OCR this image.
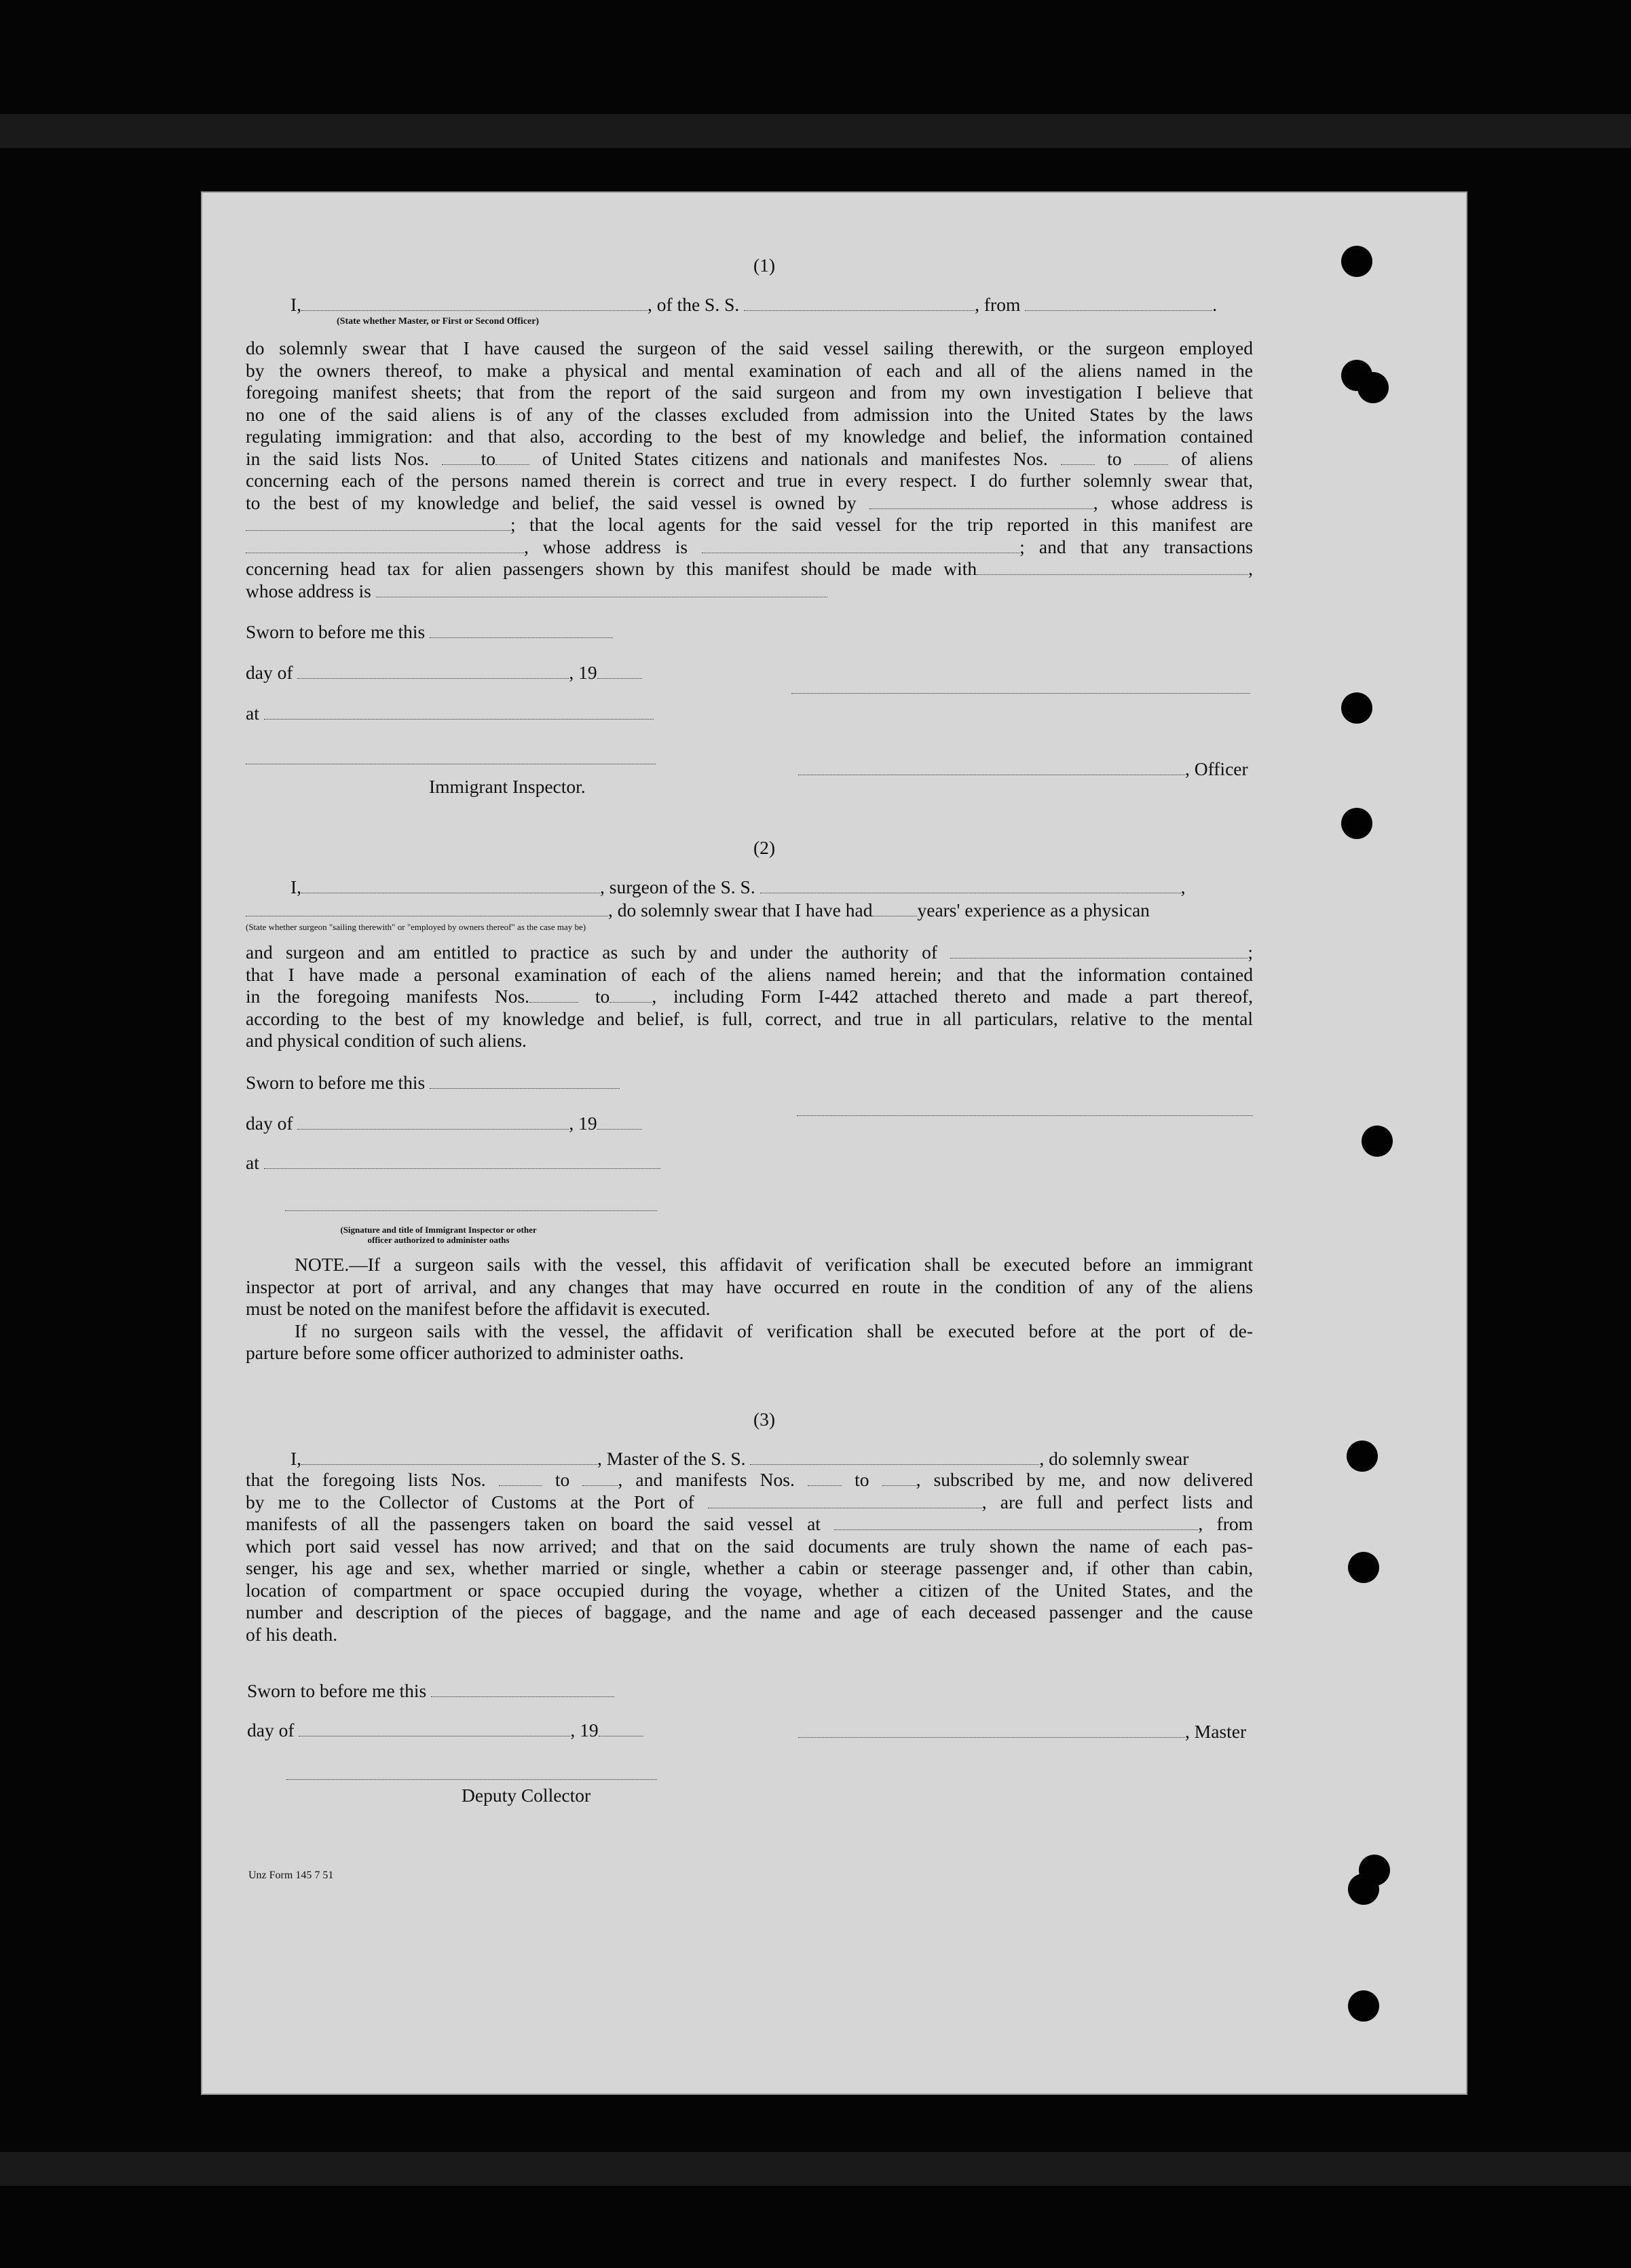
(1)
I,	, of the S. S.	, from	.
(State whether Master, or First or Second Officer)
do solemnly swear that I have caused the surgeon of the said vessel sailing therewith, or the surgeon employed
by the owners thereof, to make a physical and mental examination of each and all of the aliens named in the
foregoing manifest sheets; that from the report of the said surgeon and from my own investigation I believe that
no one of the said aliens is of any of the classes excluded from admission into the United States by the laws
regulating immigration: and that also, according to the best of my knowledge and belief, the information contained
in the said lists Nos.	to	of United States citizens and nationals and manifestes Nos.	to	of aliens
concerning each of the persons named therein is correct and true in every respect. I do further solemnly swear that,
to the best of my knowledge and belief, the said vessel is owned by	, whose address is
; that the local agents for the said vessel for the trip reported in this manifest are
, whose address is	; and that any transactions
concerning head tax for alien passengers shown by this manifest should be made with	,
whose address is
Sworn to before me this
day of	, 19
at
, Officer
Immigrant Inspector.
(2)
I,	, surgeon of the S. S.	,
, do solemnly swear that I have had years' experience as a physican
(State whether surgeon "sailing therewith" or "employed by owners thereof" as the case may be)
and surgeon and am entitled to practice as such by and under the authority of	;
that I have made a personal examination of each of the aliens named herein; and that the information contained
in the foregoing manifests Nos.	to , including Form I-442 attached thereto and made a part thereof,
according to the best of my knowledge and belief, is full, correct, and true in all particulars, relative to the mental
and physical condition of such aliens.
Sworn to before me this
day of	, 19
at
(Signature and title of Immigrant Inspector or other
officer authorized to administer oaths
NOTE.—If a surgeon sails with the vessel, this affidavit of verification shall be executed before an immigrant
inspector at port of arrival, and any changes that may have occurred en route in the condition of any of the aliens
must be noted on the manifest before the affidavit is executed.
If no surgeon sails with the vessel, the affidavit of verification shall be executed before at the port of de-
parture before some officer authorized to administer oaths.
(3)
I,	, Master of the S. S.	, do solemnly swear
that the foregoing lists Nos.	to	, and manifests Nos.	to	, subscribed by me, and now delivered
by me to the Collector of Customs at the Port of	, are full and perfect lists and
manifests of all the passengers taken on board the said vessel at	, from
which port said vessel has now arrived; and that on the said documents are truly shown the name of each pas-
senger, his age and sex, whether married or single, whether a cabin or steerage passenger and, if other than cabin,
location of compartment or space occupied during the voyage, whether a citizen of the United States, and the
number and description of the pieces of baggage, and the name and age of each deceased passenger and the cause
of his death.
Sworn to before me this
day of	, 19	, Master
Deputy Collector
Unz Form 145 7 51
